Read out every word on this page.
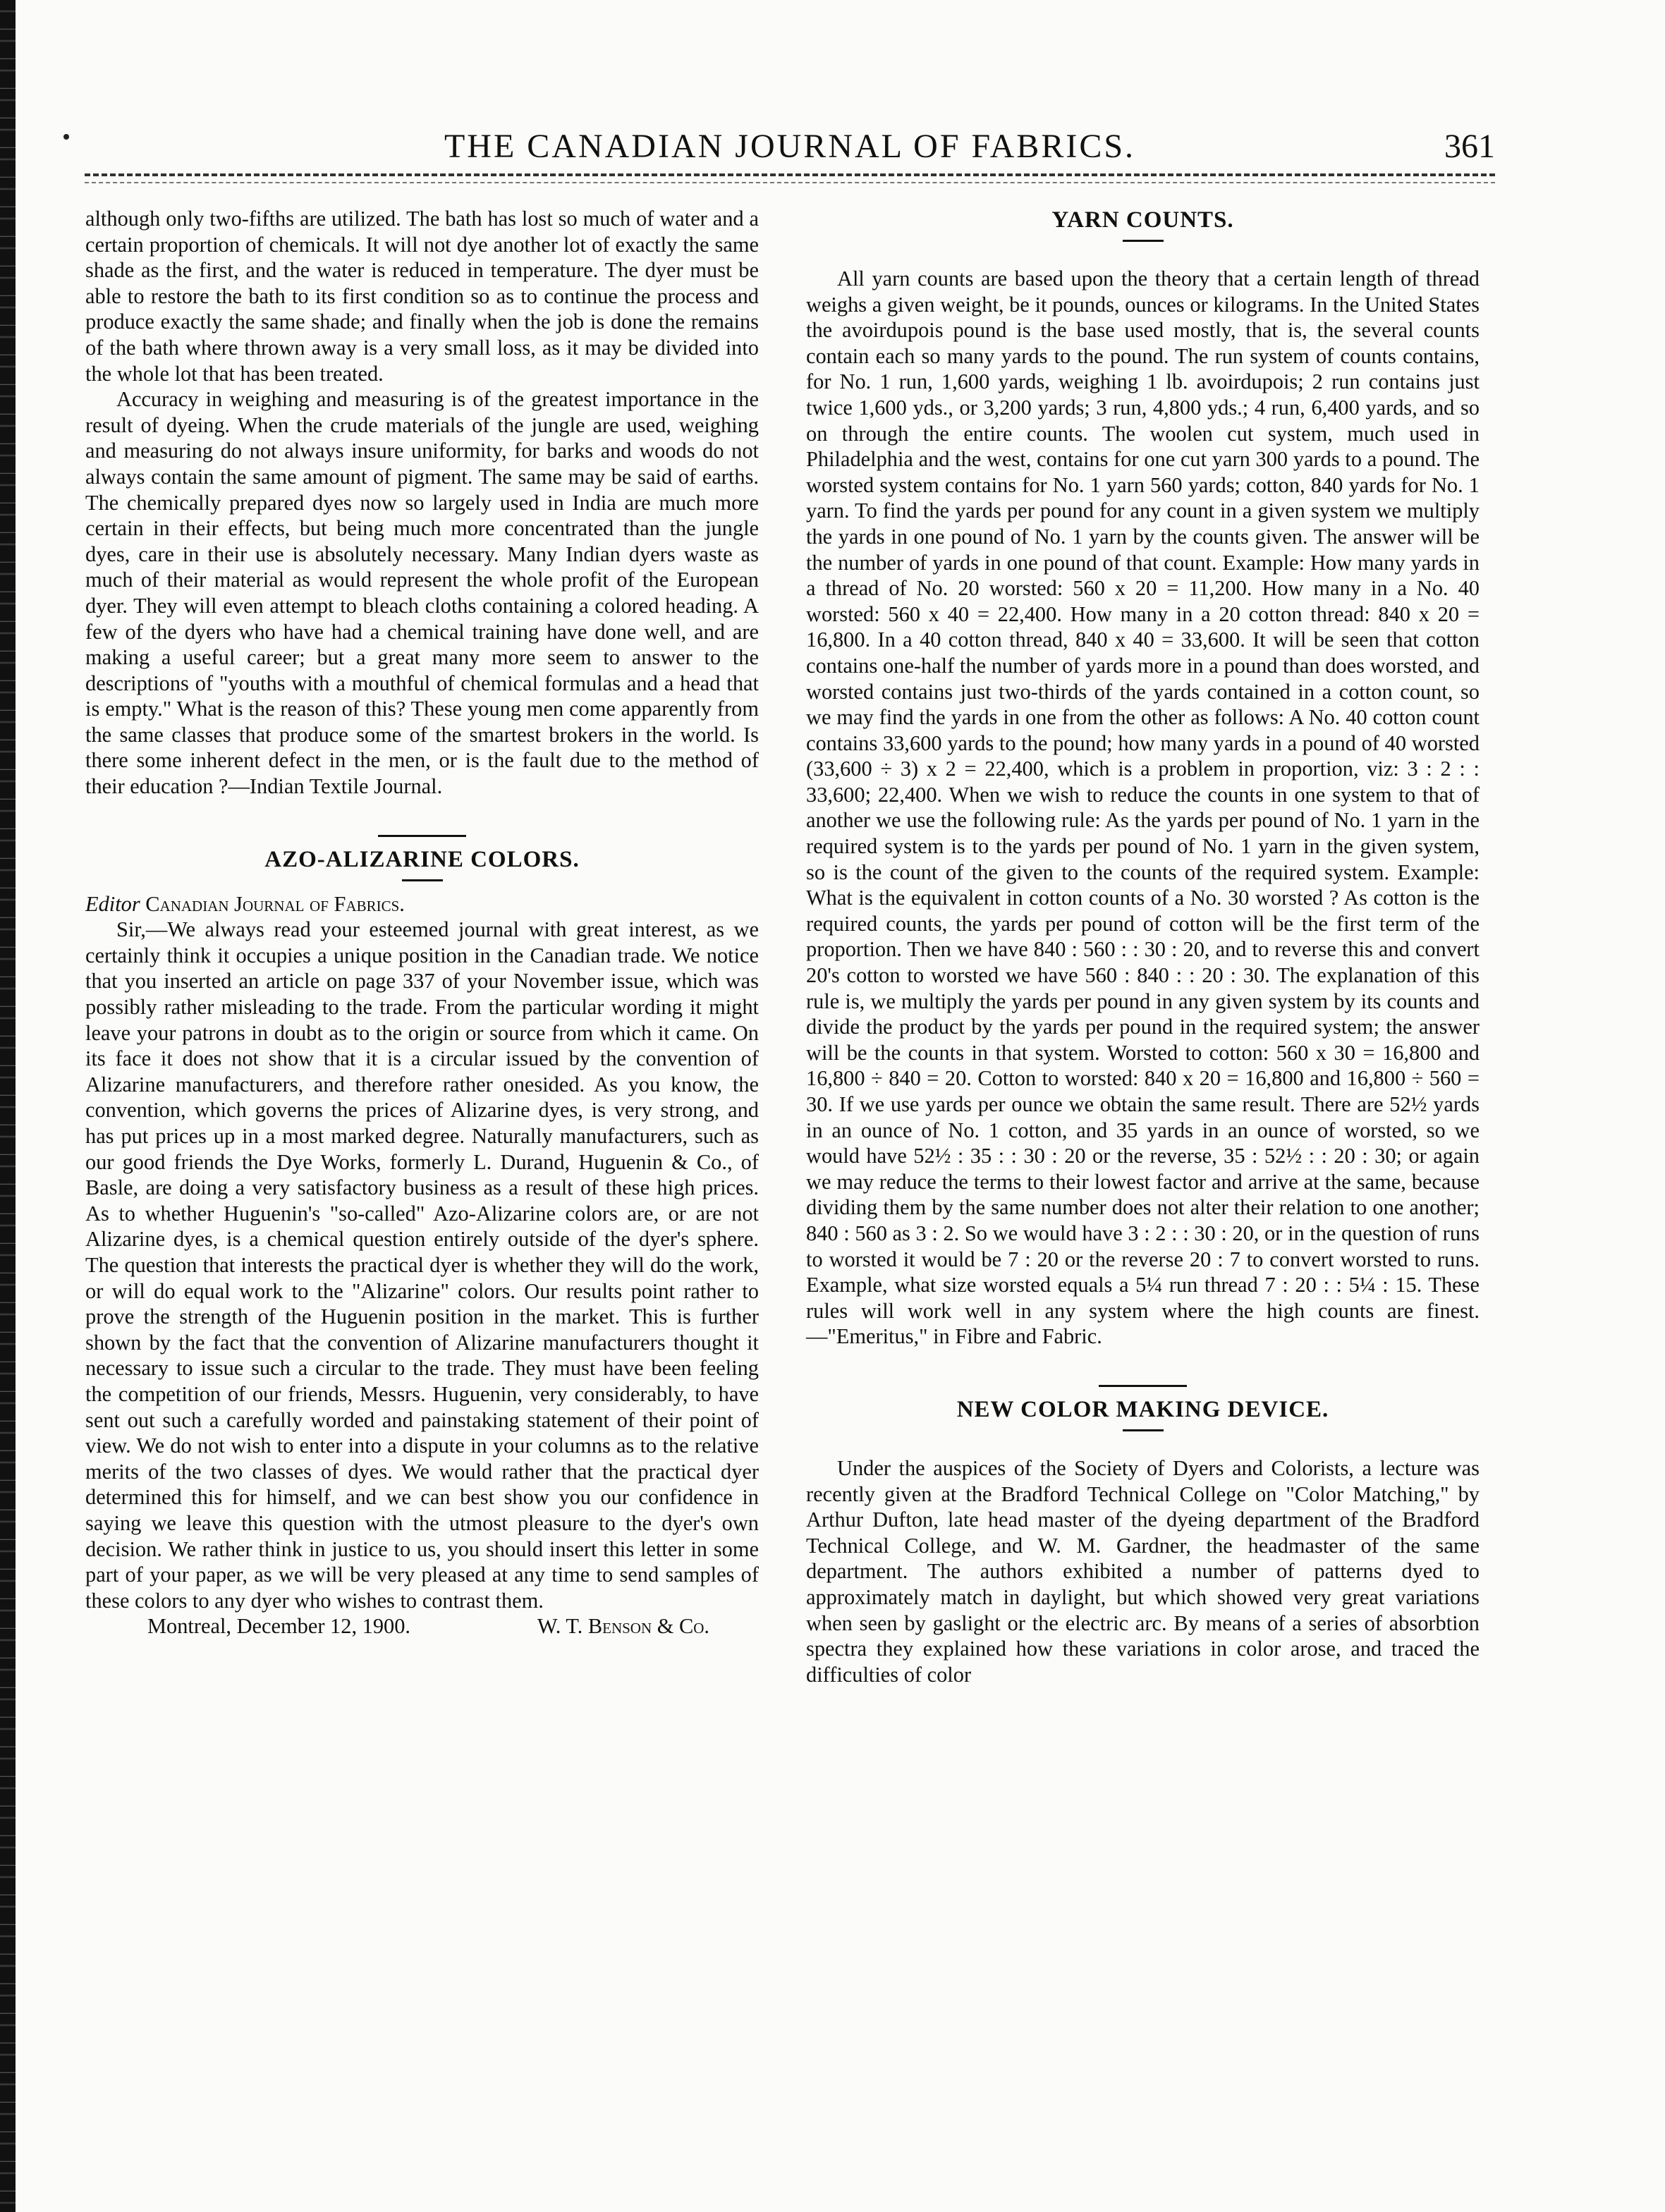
THE CANADIAN JOURNAL OF FABRICS.	361

although only two-fifths are utilized. The bath has lost so much of water and a certain proportion of chemicals. It will not dye another lot of exactly the same shade as the first, and the water is reduced in temperature. The dyer must be able to restore the bath to its first condition so as to continue the process and produce exactly the same shade; and finally when the job is done the remains of the bath where thrown away is a very small loss, as it may be divided into the whole lot that has been treated.

Accuracy in weighing and measuring is of the greatest importance in the result of dyeing. When the crude materials of the jungle are used, weighing and measuring do not always insure uniformity, for barks and woods do not always contain the same amount of pigment. The same may be said of earths. The chemically prepared dyes now so largely used in India are much more certain in their effects, but being much more concentrated than the jungle dyes, care in their use is absolutely necessary. Many Indian dyers waste as much of their material as would represent the whole profit of the European dyer. They will even attempt to bleach cloths containing a colored heading. A few of the dyers who have had a chemical training have done well, and are making a useful career; but a great many more seem to answer to the descriptions of "youths with a mouthful of chemical formulas and a head that is empty." What is the reason of this? These young men come apparently from the same classes that produce some of the smartest brokers in the world. Is there some inherent defect in the men, or is the fault due to the method of their education ?—Indian Textile Journal.

AZO-ALIZARINE COLORS.

Editor Canadian Journal of Fabrics.

Sir,—We always read your esteemed journal with great interest, as we certainly think it occupies a unique position in the Canadian trade. We notice that you inserted an article on page 337 of your November issue, which was possibly rather misleading to the trade. From the particular wording it might leave your patrons in doubt as to the origin or source from which it came. On its face it does not show that it is a circular issued by the convention of Alizarine manufacturers, and therefore rather onesided. As you know, the convention, which governs the prices of Alizarine dyes, is very strong, and has put prices up in a most marked degree. Naturally manufacturers, such as our good friends the Dye Works, formerly L. Durand, Huguenin & Co., of Basle, are doing a very satisfactory business as a result of these high prices. As to whether Huguenin's "so-called" Azo-Alizarine colors are, or are not Alizarine dyes, is a chemical question entirely outside of the dyer's sphere. The question that interests the practical dyer is whether they will do the work, or will do equal work to the "Alizarine" colors. Our results point rather to prove the strength of the Huguenin position in the market. This is further shown by the fact that the convention of Alizarine manufacturers thought it necessary to issue such a circular to the trade. They must have been feeling the competition of our friends, Messrs. Huguenin, very considerably, to have sent out such a carefully worded and painstaking statement of their point of view. We do not wish to enter into a dispute in your columns as to the relative merits of the two classes of dyes. We would rather that the practical dyer determined this for himself, and we can best show you our confidence in saying we leave this question with the utmost pleasure to the dyer's own decision. We rather think in justice to us, you should insert this letter in some part of your paper, as we will be very pleased at any time to send samples of these colors to any dyer who wishes to contrast them.

Montreal, December 12, 1900.	W. T. Benson & Co.

YARN COUNTS.

All yarn counts are based upon the theory that a certain length of thread weighs a given weight, be it pounds, ounces or kilograms. In the United States the avoirdupois pound is the base used mostly, that is, the several counts contain each so many yards to the pound. The run system of counts contains, for No. 1 run, 1,600 yards, weighing 1 lb. avoirdupois; 2 run contains just twice 1,600 yds., or 3,200 yards; 3 run, 4,800 yds.; 4 run, 6,400 yards, and so on through the entire counts. The woolen cut system, much used in Philadelphia and the west, contains for one cut yarn 300 yards to a pound. The worsted system contains for No. 1 yarn 560 yards; cotton, 840 yards for No. 1 yarn. To find the yards per pound for any count in a given system we multiply the yards in one pound of No. 1 yarn by the counts given. The answer will be the number of yards in one pound of that count. Example: How many yards in a thread of No. 20 worsted: 560 x 20 = 11,200. How many in a No. 40 worsted: 560 x 40 = 22,400. How many in a 20 cotton thread: 840 x 20 = 16,800. In a 40 cotton thread, 840 x 40 = 33,600. It will be seen that cotton contains one-half the number of yards more in a pound than does worsted, and worsted contains just two-thirds of the yards contained in a cotton count, so we may find the yards in one from the other as follows: A No. 40 cotton count contains 33,600 yards to the pound; how many yards in a pound of 40 worsted (33,600 ÷ 3) x 2 = 22,400, which is a problem in proportion, viz: 3 : 2 : : 33,600; 22,400. When we wish to reduce the counts in one system to that of another we use the following rule: As the yards per pound of No. 1 yarn in the required system is to the yards per pound of No. 1 yarn in the given system, so is the count of the given to the counts of the required system. Example: What is the equivalent in cotton counts of a No. 30 worsted ? As cotton is the required counts, the yards per pound of cotton will be the first term of the proportion. Then we have 840 : 560 : : 30 : 20, and to reverse this and convert 20's cotton to worsted we have 560 : 840 : : 20 : 30. The explanation of this rule is, we multiply the yards per pound in any given system by its counts and divide the product by the yards per pound in the required system; the answer will be the counts in that system. Worsted to cotton: 560 x 30 = 16,800 and 16,800 ÷ 840 = 20. Cotton to worsted: 840 x 20 = 16,800 and 16,800 ÷ 560 = 30. If we use yards per ounce we obtain the same result. There are 52½ yards in an ounce of No. 1 cotton, and 35 yards in an ounce of worsted, so we would have 52½ : 35 : : 30 : 20 or the reverse, 35 : 52½ : : 20 : 30; or again we may reduce the terms to their lowest factor and arrive at the same, because dividing them by the same number does not alter their relation to one another; 840 : 560 as 3 : 2. So we would have 3 : 2 : : 30 : 20, or in the question of runs to worsted it would be 7 : 20 or the reverse 20 : 7 to convert worsted to runs. Example, what size worsted equals a 5¼ run thread 7 : 20 : : 5¼ : 15. These rules will work well in any system where the high counts are finest.—"Emeritus," in Fibre and Fabric.

NEW COLOR MAKING DEVICE.

Under the auspices of the Society of Dyers and Colorists, a lecture was recently given at the Bradford Technical College on "Color Matching," by Arthur Dufton, late head master of the dyeing department of the Bradford Technical College, and W. M. Gardner, the headmaster of the same department. The authors exhibited a number of patterns dyed to approximately match in daylight, but which showed very great variations when seen by gaslight or the electric arc. By means of a series of absorbtion spectra they explained how these variations in color arose, and traced the difficulties of color
